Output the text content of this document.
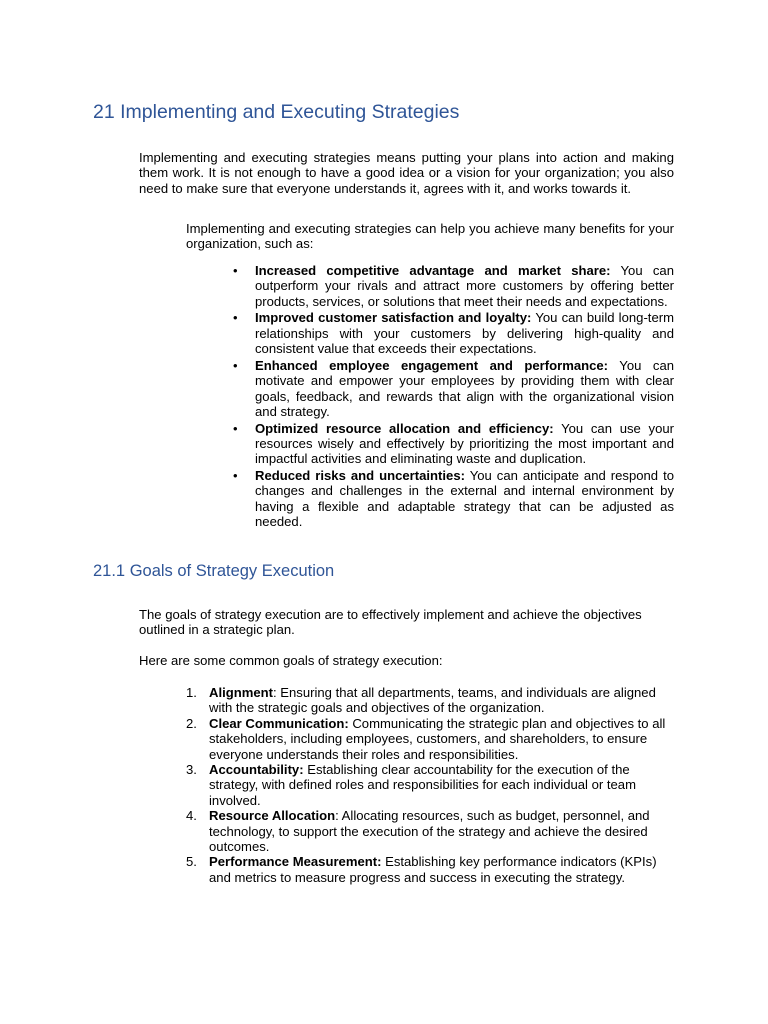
21 Implementing and Executing Strategies

Implementing and executing strategies means putting your plans into action and making them work. It is not enough to have a good idea or a vision for your organization; you also need to make sure that everyone understands it, agrees with it, and works towards it.

Implementing and executing strategies can help you achieve many benefits for your organization, such as:

• Increased competitive advantage and market share: You can outperform your rivals and attract more customers by offering better products, services, or solutions that meet their needs and expectations.
• Improved customer satisfaction and loyalty: You can build long-term relationships with your customers by delivering high-quality and consistent value that exceeds their expectations.
• Enhanced employee engagement and performance: You can motivate and empower your employees by providing them with clear goals, feedback, and rewards that align with the organizational vision and strategy.
• Optimized resource allocation and efficiency: You can use your resources wisely and effectively by prioritizing the most important and impactful activities and eliminating waste and duplication.
• Reduced risks and uncertainties: You can anticipate and respond to changes and challenges in the external and internal environment by having a flexible and adaptable strategy that can be adjusted as needed.
21.1 Goals of Strategy Execution

The goals of strategy execution are to effectively implement and achieve the objectives outlined in a strategic plan.

Here are some common goals of strategy execution:

1. Alignment: Ensuring that all departments, teams, and individuals are aligned with the strategic goals and objectives of the organization.
2. Clear Communication: Communicating the strategic plan and objectives to all stakeholders, including employees, customers, and shareholders, to ensure everyone understands their roles and responsibilities.
3. Accountability: Establishing clear accountability for the execution of the strategy, with defined roles and responsibilities for each individual or team involved.
4. Resource Allocation: Allocating resources, such as budget, personnel, and technology, to support the execution of the strategy and achieve the desired outcomes.
5. Performance Measurement: Establishing key performance indicators (KPIs) and metrics to measure progress and success in executing the strategy.
